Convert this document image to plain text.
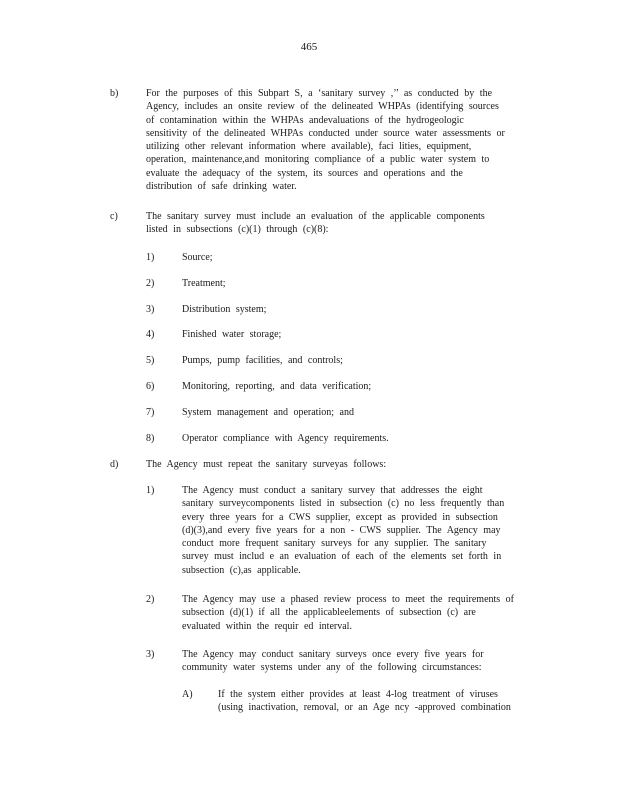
465
b)	For the purposes of this Subpart S, a ‘sanitary survey ,’’ as conducted by the
Agency, includes an onsite review of the delineated WHPAs (identifying sources
of contamination within the WHPAs andevaluations of the hydrogeologic
sensitivity of the delineated WHPAs conducted under source water assessments or
utilizing other relevant information where available), faci lities, equipment,
operation, maintenance,and monitoring compliance of a public water system to
evaluate the adequacy of the system, its sources and operations and the
distribution of safe drinking water.
c)	The sanitary survey must include an evaluation of the applicable components
listed in subsections (c)(1) through (c)(8):
1)	Source;
2)	Treatment;
3)	Distribution system;
4)	Finished water storage;
5)	Pumps, pump facilities, and controls;
6)	Monitoring, reporting, and data verification;
7)	System management and operation; and
8)	Operator compliance with Agency requirements.
d)	The Agency must repeat the sanitary surveyas follows:
1)	The Agency must conduct a sanitary survey that addresses the eight
sanitary surveycomponents listed in subsection (c) no less frequently than
every three years for a CWS supplier, except as provided in subsection
(d)(3),and every five years for a non - CWS supplier. The Agency may
conduct more frequent sanitary surveys for any supplier. The sanitary
survey must includ e an evaluation of each of the elements set forth in
subsection (c),as applicable.
2)	The Agency may use a phased review process to meet the requirements of
subsection (d)(1) if all the applicableelements of subsection (c) are
evaluated within the requir ed interval.
3)	The Agency may conduct sanitary surveys once every five years for
community water systems under any of the following circumstances:
A)	If the system either provides at least 4-log treatment of viruses
(using inactivation, removal, or an Age ncy -approved combination
